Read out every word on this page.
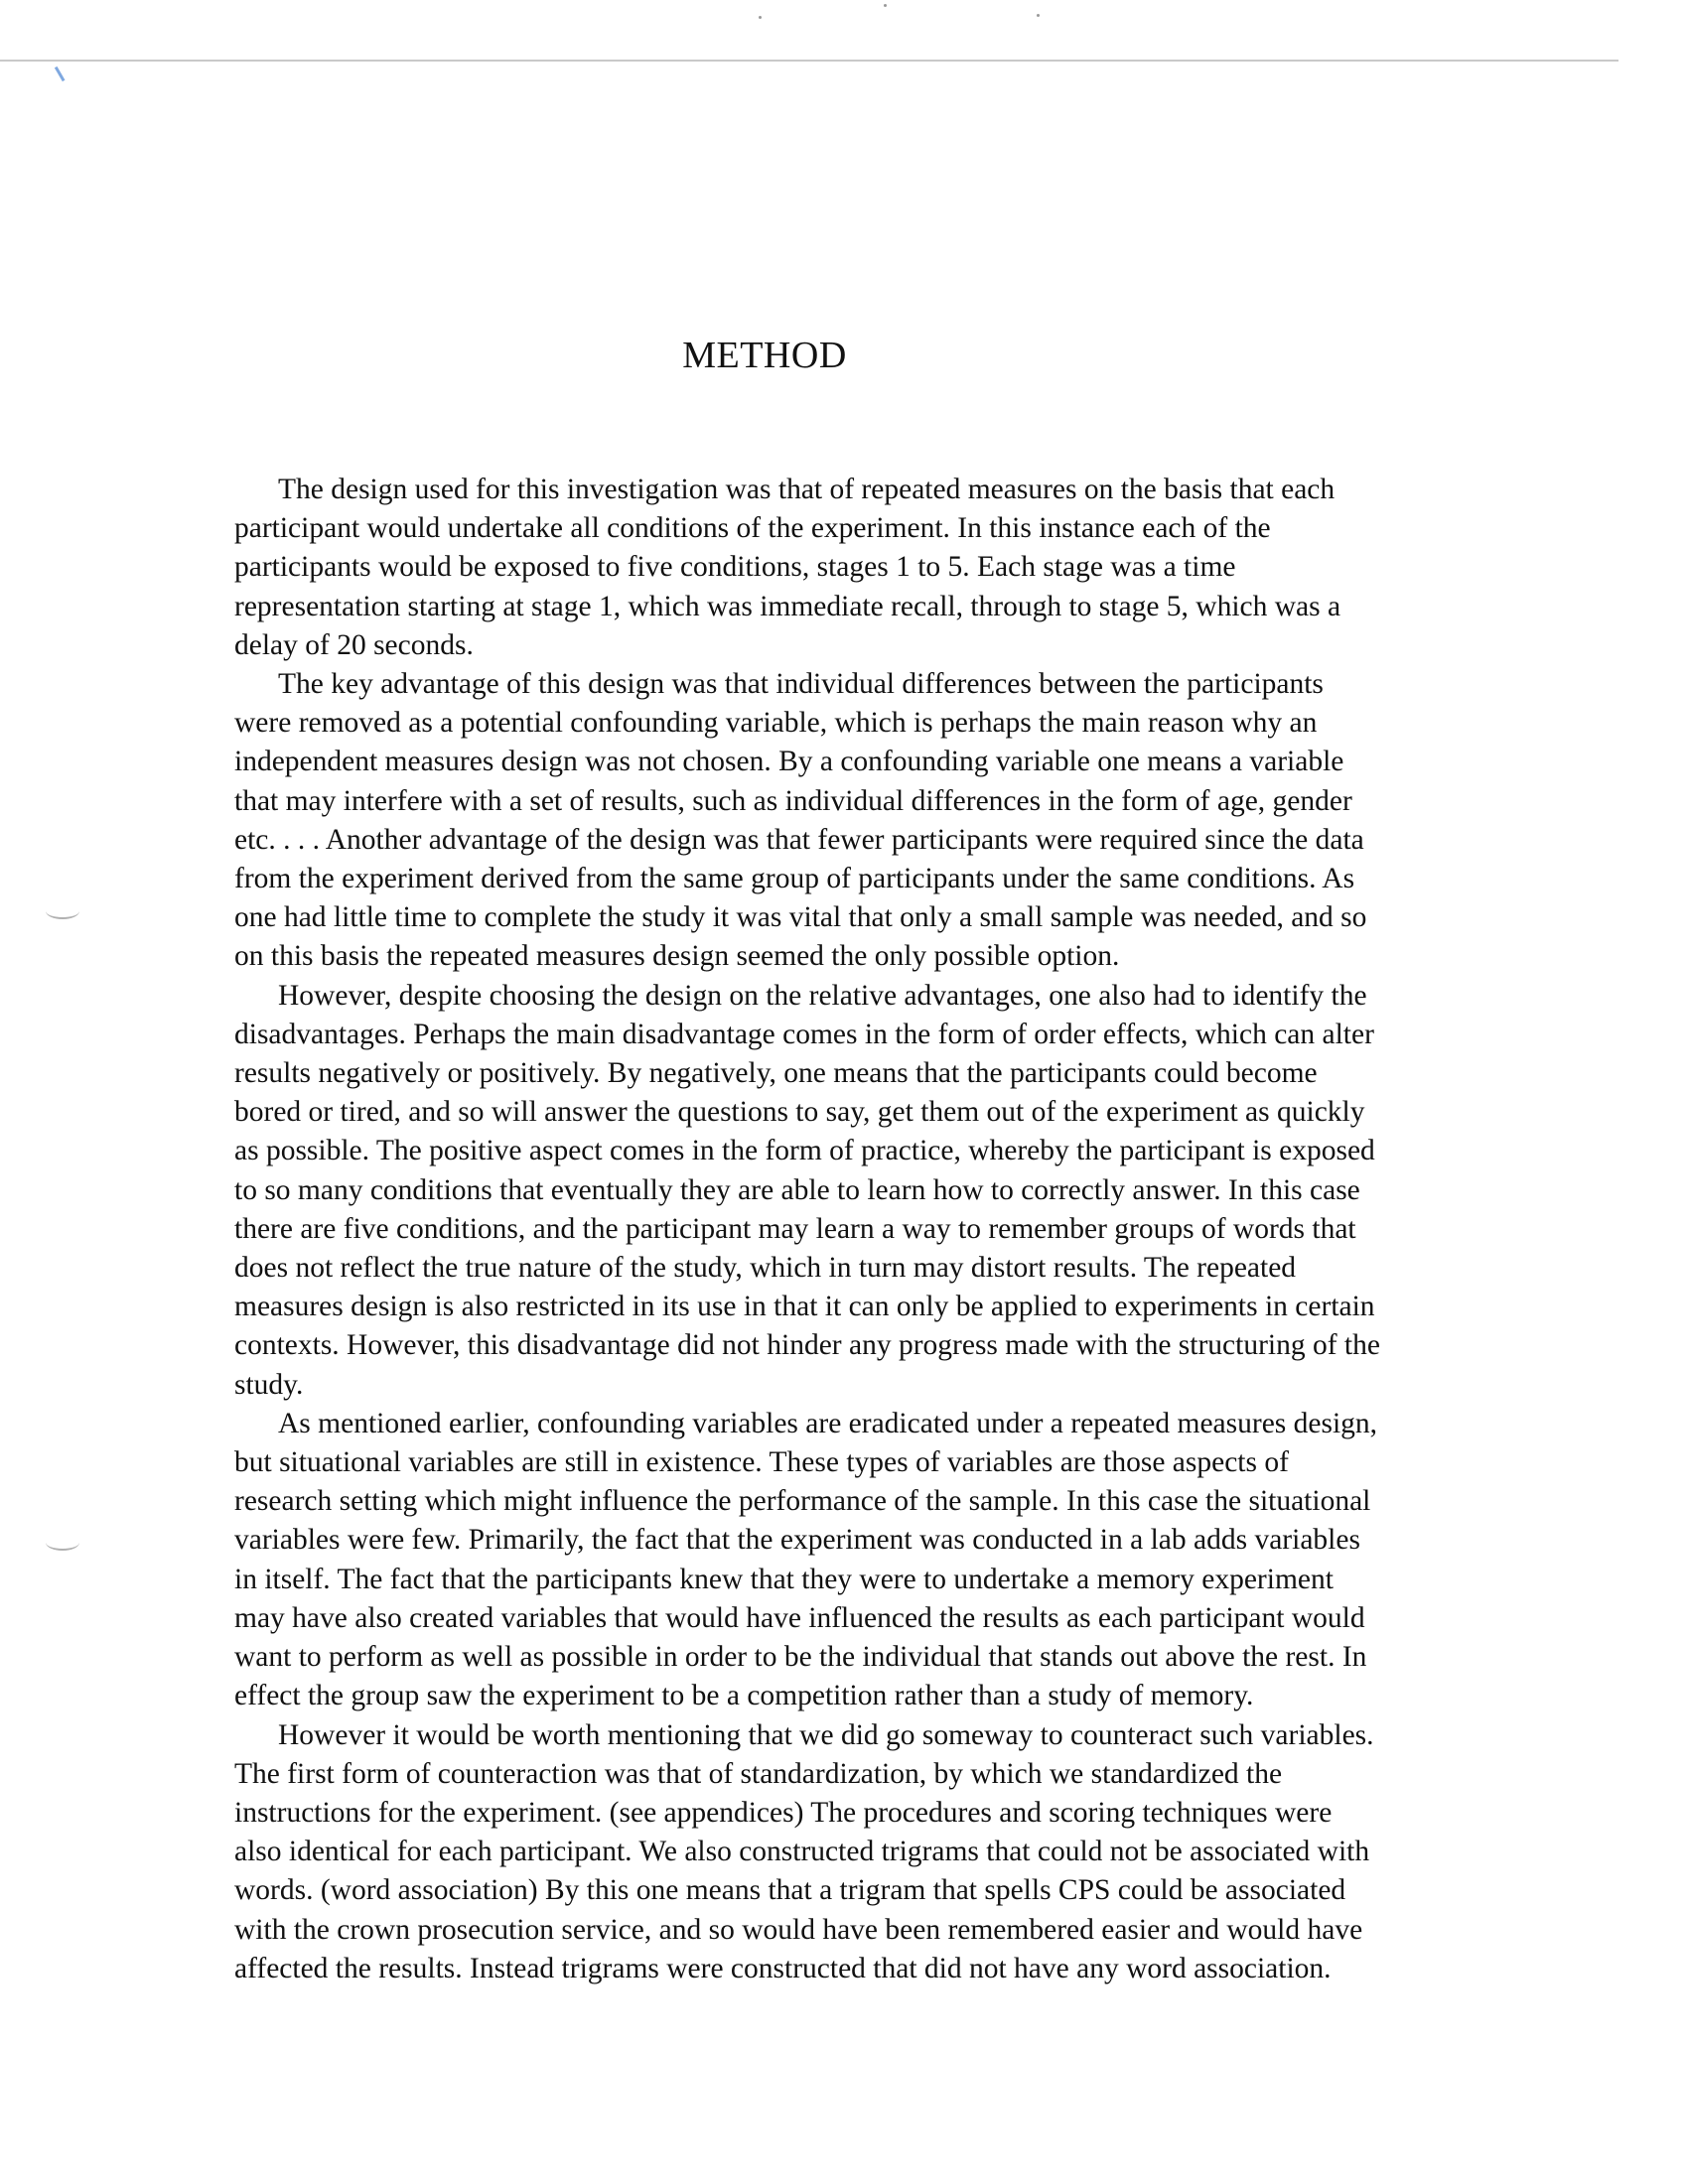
METHOD

The design used for this investigation was that of repeated measures on the basis that each participant would undertake all conditions of the experiment. In this instance each of the participants would be exposed to five conditions, stages 1 to 5. Each stage was a time representation starting at stage 1, which was immediate recall, through to stage 5, which was a delay of 20 seconds.

The key advantage of this design was that individual differences between the participants were removed as a potential confounding variable, which is perhaps the main reason why an independent measures design was not chosen. By a confounding variable one means a variable that may interfere with a set of results, such as individual differences in the form of age, gender etc. . . . Another advantage of the design was that fewer participants were required since the data from the experiment derived from the same group of participants under the same conditions. As one had little time to complete the study it was vital that only a small sample was needed, and so on this basis the repeated measures design seemed the only possible option.

However, despite choosing the design on the relative advantages, one also had to identify the disadvantages. Perhaps the main disadvantage comes in the form of order effects, which can alter results negatively or positively. By negatively, one means that the participants could become bored or tired, and so will answer the questions to say, get them out of the experiment as quickly as possible. The positive aspect comes in the form of practice, whereby the participant is exposed to so many conditions that eventually they are able to learn how to correctly answer. In this case there are five conditions, and the participant may learn a way to remember groups of words that does not reflect the true nature of the study, which in turn may distort results. The repeated measures design is also restricted in its use in that it can only be applied to experiments in certain contexts. However, this disadvantage did not hinder any progress made with the structuring of the study.

As mentioned earlier, confounding variables are eradicated under a repeated measures design, but situational variables are still in existence. These types of variables are those aspects of research setting which might influence the performance of the sample. In this case the situational variables were few. Primarily, the fact that the experiment was conducted in a lab adds variables in itself. The fact that the participants knew that they were to undertake a memory experiment may have also created variables that would have influenced the results as each participant would want to perform as well as possible in order to be the individual that stands out above the rest. In effect the group saw the experiment to be a competition rather than a study of memory.

However it would be worth mentioning that we did go someway to counteract such variables. The first form of counteraction was that of standardization, by which we standardized the instructions for the experiment. (see appendices) The procedures and scoring techniques were also identical for each participant. We also constructed trigrams that could not be associated with words. (word association) By this one means that a trigram that spells CPS could be associated with the crown prosecution service, and so would have been remembered easier and would have affected the results. Instead trigrams were constructed that did not have any word association.
